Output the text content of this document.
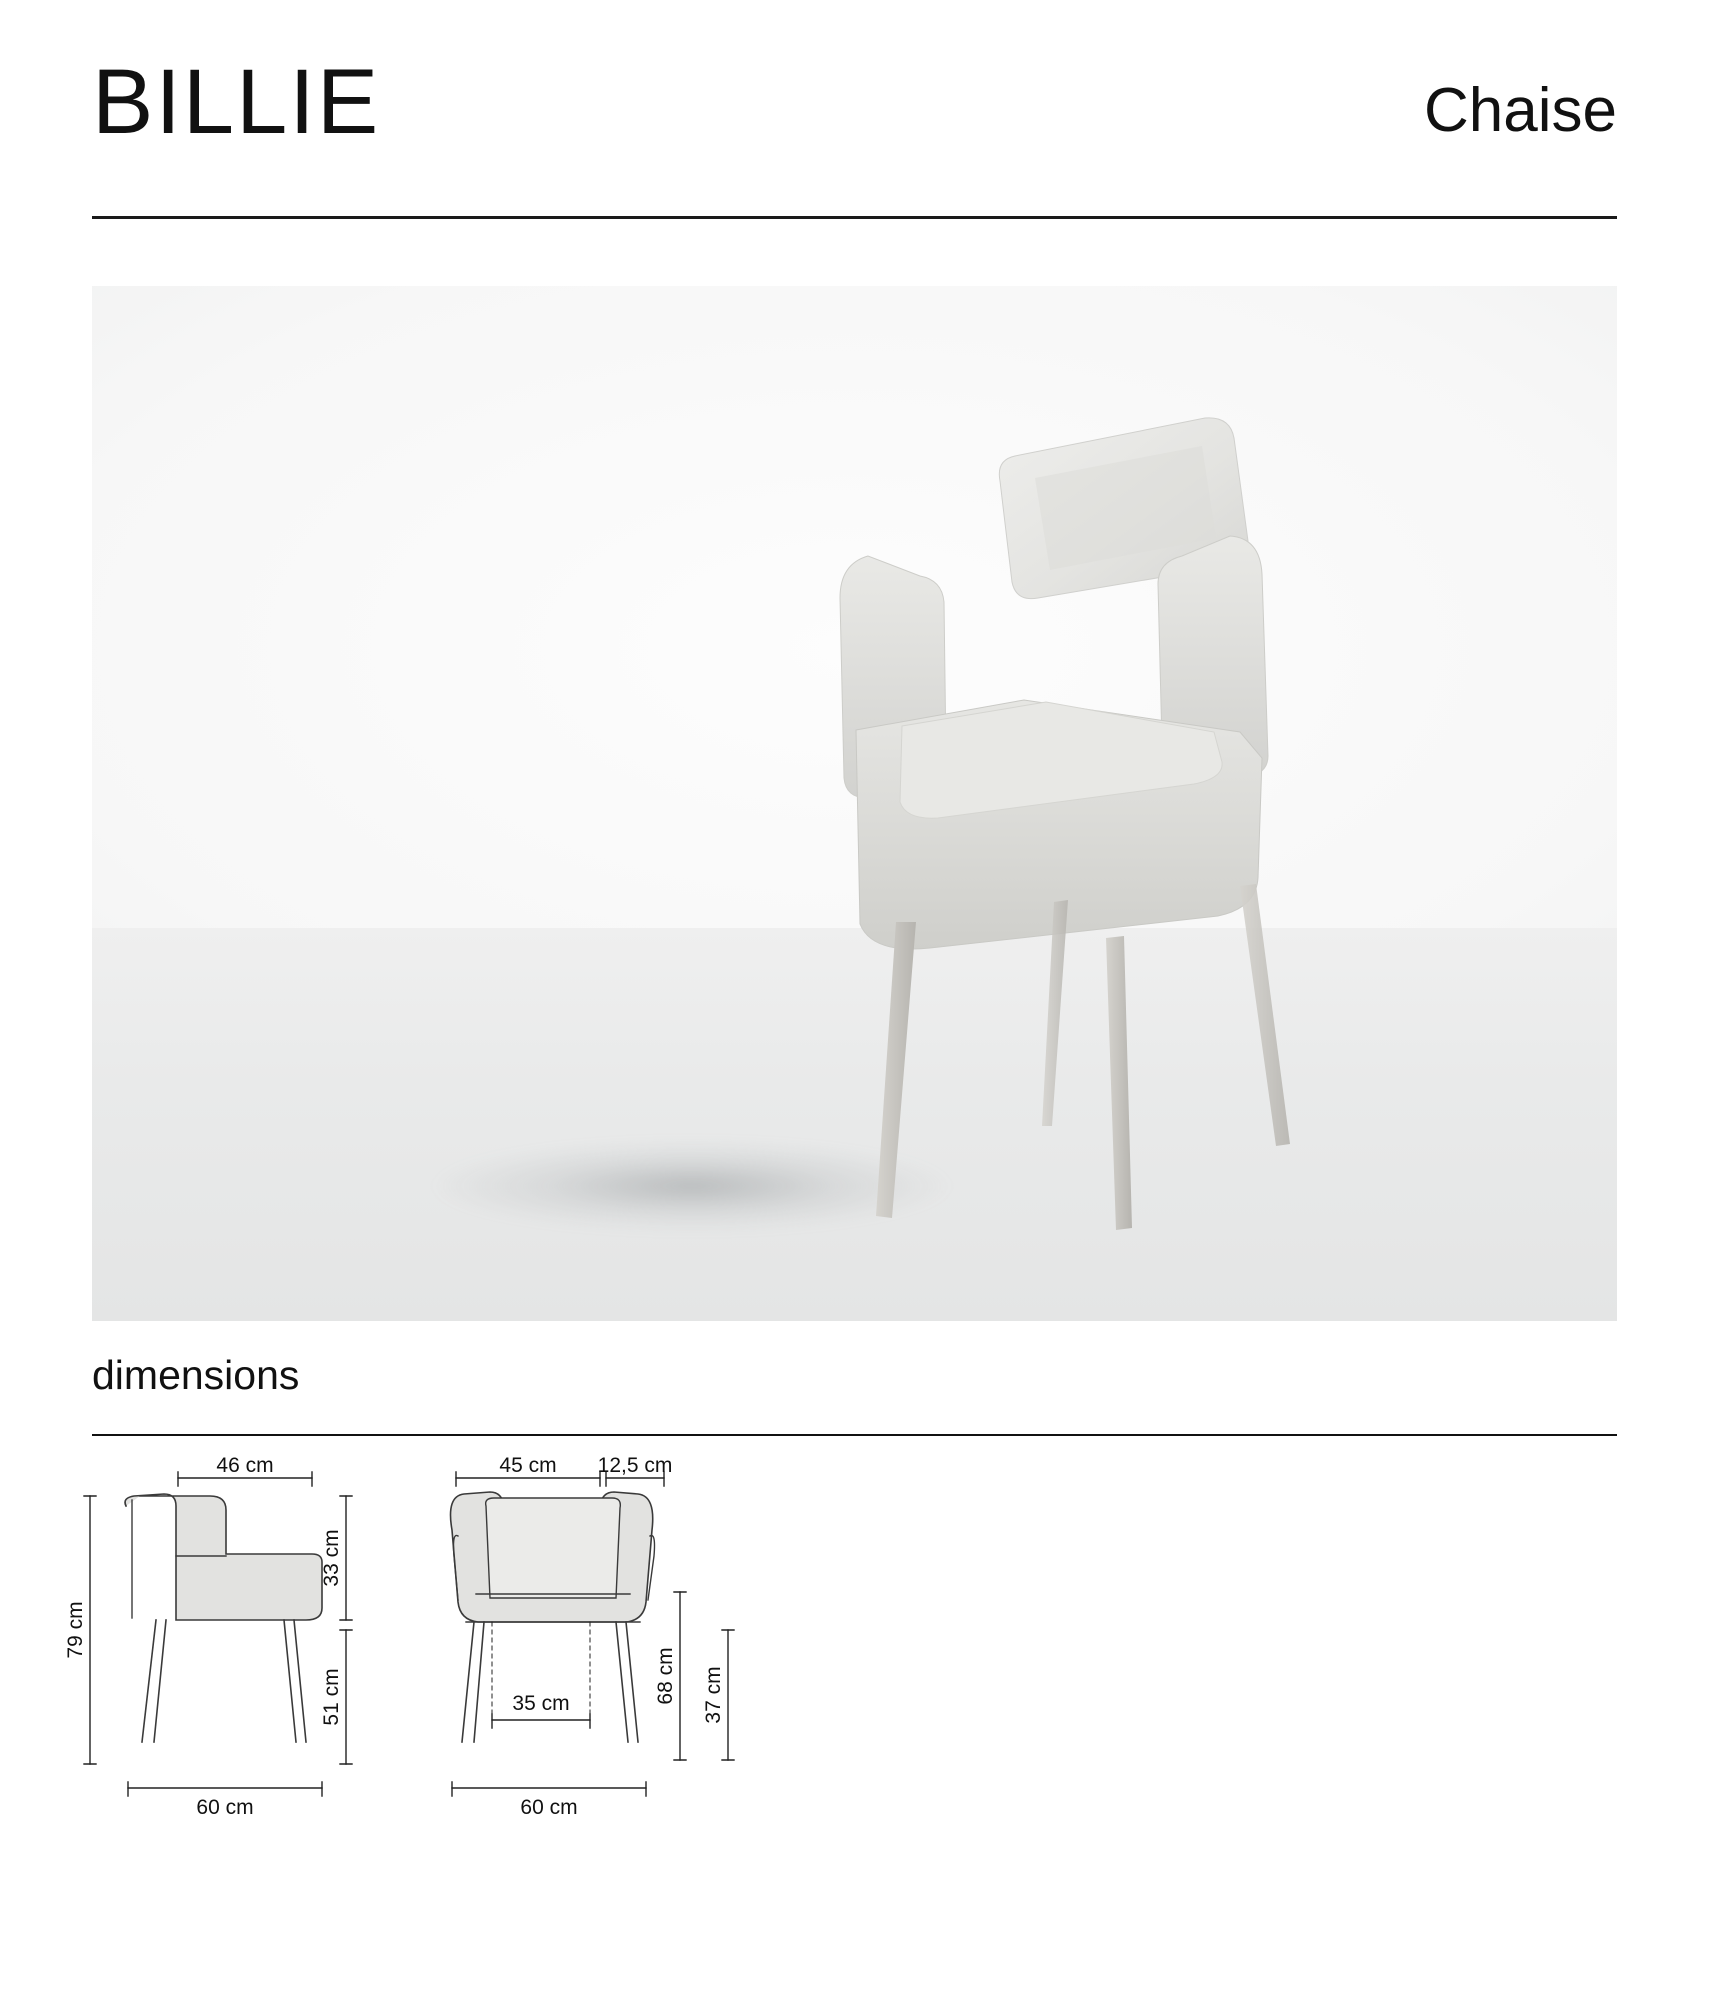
BILLIE	Chaise
dimensions
46 cm
79 cm
33 cm
51 cm
60 cm
45 cm 12,5 cm
35 cm	68 cm 37 cm
60 cm
